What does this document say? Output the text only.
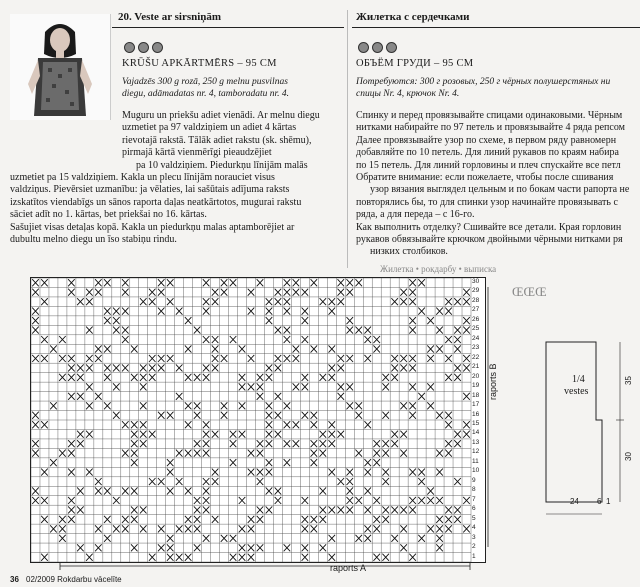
20. Veste ar sirsniņām
KRŪŠU APKĀRTMĒRS – 95 CM
Vajadzēs 300 g rozā, 250 g melnu pusvilnas
diegu, adāmadatas nr. 4, tamboradatu nr. 4.

Muguru un priekšu adiet vienādi. Ar melnu diegu

uzmetiet pa 97 valdziņiem un adiet 4 kārtas

rievotajā rakstā. Tālāk adiet rakstu (sk. shēmu),

pirmajā kārtā vienmērīgi pieaudzējiet

pa 10 valdziņiem. Piedurkņu līnijām malās

uzmetiet pa 15 valdziņiem. Kakla un plecu līnijām norauciet visus

valdziņus. Pievērsiet uzmanību: ja vēlaties, lai sašūtais adījuma raksts

izskatītos viendabīgs un sānos raporta daļas neatkārtotos, mugurai rakstu

sāciet adīt no 1. kārtas, bet priekšai no 16. kārtas.

Sašujiet visas detaļas kopā. Kakla un piedurkņu malas aptamborējiet ar

dubultu melno diegu un īso stabiņu rindu.

Жилетка с сердечками
ОБЪЁМ ГРУДИ – 95 СМ
Потребуются: 300 г розовых, 250 г чёрных полушерстяных ни
спицы Nr. 4, крючок Nr. 4.

Спинку и перед провязывайте спицами одинаковыми. Чёрным

нитками набирайте по 97 петель и провязывайте 4 ряда репсом

Далее провязывайте узор по схеме, в первом ряду равномерн

добавляйте по 10 петель. Для линий рукавов по краям набира

по 15 петель. Для линий горловины и плеч спускайте все петл

Обратите внимание: если пожелаете, чтобы после сшивания

узор вязания выглядел цельным и по бокам части рапорта не

повторялись бы, то для спинки узор начинайте провязывать с

ряда, а для переда – с 16-го.

Как выполнить отделку? Сшивайте все детали. Края горловин

рукавов обвязывайте крючком двойными чёрными нитками ря

низких столбиков.

Жилетка • рокдарбу • выписка
ŒŒŒ
1
2
3
4
5
6
7
8
9
10
11
12
13
14
15
16
17
18
19
20
21
22
23
24
25
26
27
28
29
30
raports B
raports A
1/4
vestes
24 6 1
35
30
36 02/2009 Rokdarbu vācelīte
